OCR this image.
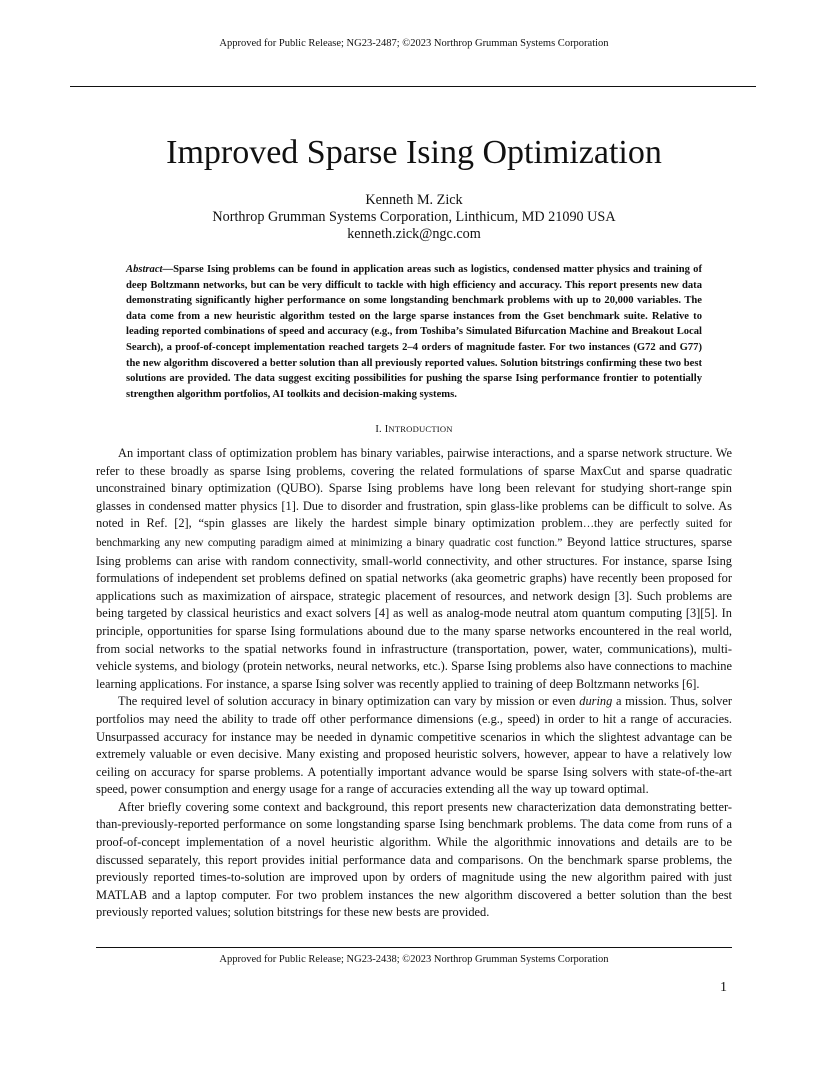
Approved for Public Release; NG23-2487; ©2023 Northrop Grumman Systems Corporation
Improved Sparse Ising Optimization
Kenneth M. Zick
Northrop Grumman Systems Corporation, Linthicum, MD 21090 USA
kenneth.zick@ngc.com

Abstract—Sparse Ising problems can be found in application areas such as logistics, condensed matter physics and training of deep Boltzmann networks, but can be very difficult to tackle with high efficiency and accuracy. This report presents new data demonstrating significantly higher performance on some longstanding benchmark problems with up to 20,000 variables. The data come from a new heuristic algorithm tested on the large sparse instances from the Gset benchmark suite. Relative to leading reported combinations of speed and accuracy (e.g., from Toshiba’s Simulated Bifurcation Machine and Breakout Local Search), a proof-of-concept implementation reached targets 2–4 orders of magnitude faster. For two instances (G72 and G77) the new algorithm discovered a better solution than all previously reported values. Solution bitstrings confirming these two best solutions are provided. The data suggest exciting possibilities for pushing the sparse Ising performance frontier to potentially strengthen algorithm portfolios, AI toolkits and decision-making systems.

I. INTRODUCTION

An important class of optimization problem has binary variables, pairwise interactions, and a sparse network structure. We refer to these broadly as sparse Ising problems, covering the related formulations of sparse MaxCut and sparse quadratic unconstrained binary optimization (QUBO). Sparse Ising problems have long been relevant for studying short-range spin glasses in condensed matter physics [1]. Due to disorder and frustration, spin glass-like problems can be difficult to solve. As noted in Ref. [2], “spin glasses are likely the hardest simple binary optimization problem…they are perfectly suited for benchmarking any new computing paradigm aimed at minimizing a binary quadratic cost function.” Beyond lattice structures, sparse Ising problems can arise with random connectivity, small-world connectivity, and other structures. For instance, sparse Ising formulations of independent set problems defined on spatial networks (aka geometric graphs) have recently been proposed for applications such as maximization of airspace, strategic placement of resources, and network design [3]. Such problems are being targeted by classical heuristics and exact solvers [4] as well as analog-mode neutral atom quantum computing [3][5]. In principle, opportunities for sparse Ising formulations abound due to the many sparse networks encountered in the real world, from social networks to the spatial networks found in infrastructure (transportation, power, water, communications), multi-vehicle systems, and biology (protein networks, neural networks, etc.). Sparse Ising problems also have connections to machine learning applications. For instance, a sparse Ising solver was recently applied to training of deep Boltzmann networks [6].

The required level of solution accuracy in binary optimization can vary by mission or even during a mission. Thus, solver portfolios may need the ability to trade off other performance dimensions (e.g., speed) in order to hit a range of accuracies. Unsurpassed accuracy for instance may be needed in dynamic competitive scenarios in which the slightest advantage can be extremely valuable or even decisive. Many existing and proposed heuristic solvers, however, appear to have a relatively low ceiling on accuracy for sparse problems. A potentially important advance would be sparse Ising solvers with state-of-the-art speed, power consumption and energy usage for a range of accuracies extending all the way up toward optimal.

After briefly covering some context and background, this report presents new characterization data demonstrating better-than-previously-reported performance on some longstanding sparse Ising benchmark problems. The data come from runs of a proof-of-concept implementation of a novel heuristic algorithm. While the algorithmic innovations and details are to be discussed separately, this report provides initial performance data and comparisons. On the benchmark sparse problems, the previously reported times-to-solution are improved upon by orders of magnitude using the new algorithm paired with just MATLAB and a laptop computer. For two problem instances the new algorithm discovered a better solution than the best previously reported values; solution bitstrings for these new bests are provided.

Approved for Public Release; NG23-2438; ©2023 Northrop Grumman Systems Corporation
1
